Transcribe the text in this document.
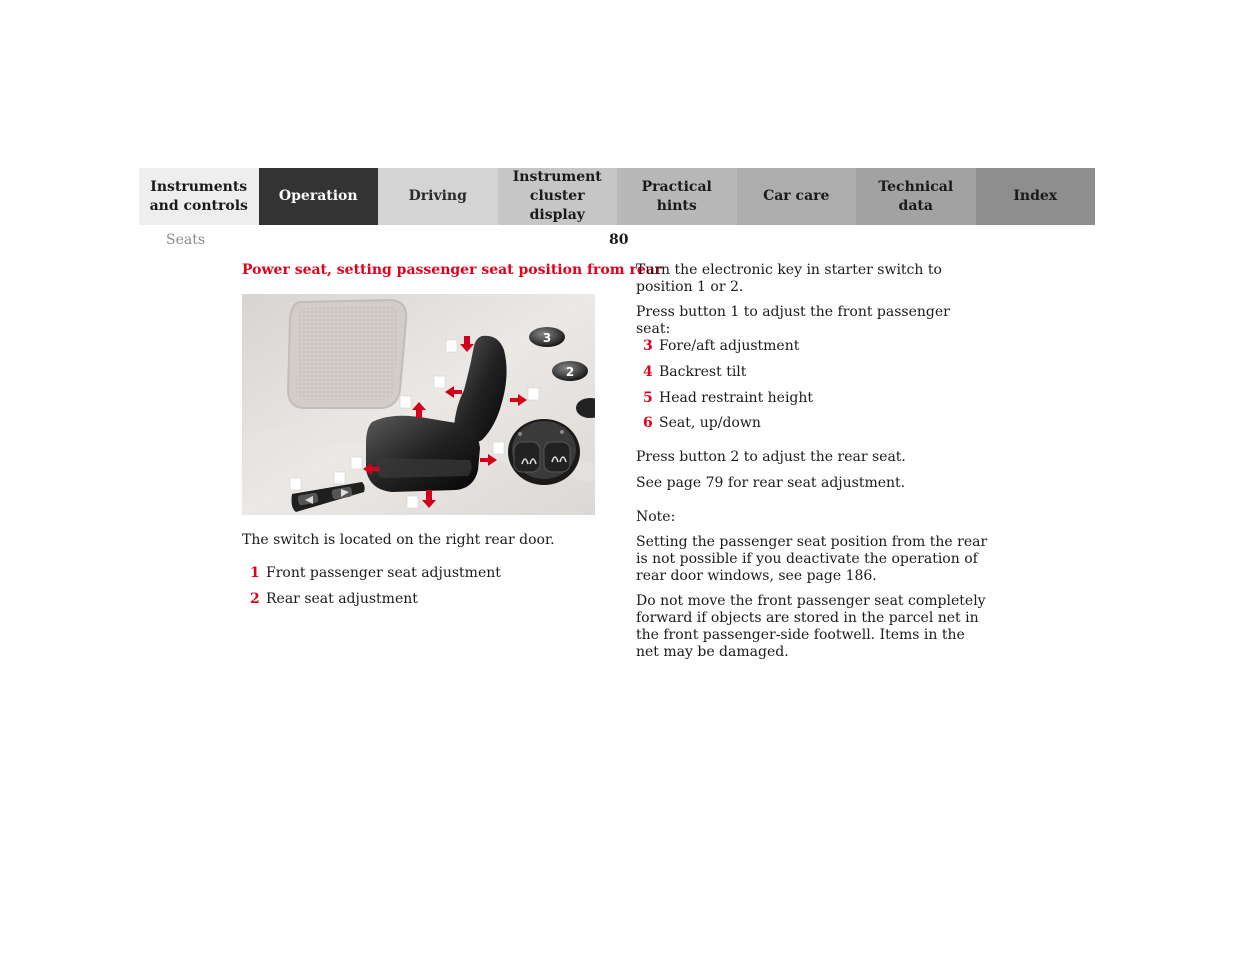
Instruments
and controls
Operation	Driving
Instrument
cluster display
Practical hints
Car care
Technical
data
Index
Seats	80
Power seat, setting passenger seat position from rear
3
2
The switch is located on the right rear door.
1 Front passenger seat adjustment
2 Rear seat adjustment
Turn the electronic key in starter switch to position 1 or 2.
Press button 1 to adjust the front passenger seat:
3 Fore/aft adjustment
4 Backrest tilt
5 Head restraint height
6 Seat, up/down
Press button 2 to adjust the rear seat.
See page 79 for rear seat adjustment.
Note:
Setting the passenger seat position from the rear is not possible if you deactivate the operation of rear door windows, see page 186.
Do not move the front passenger seat completely forward if objects are stored in the parcel net in the front passenger-side footwell. Items in the net may be damaged.
